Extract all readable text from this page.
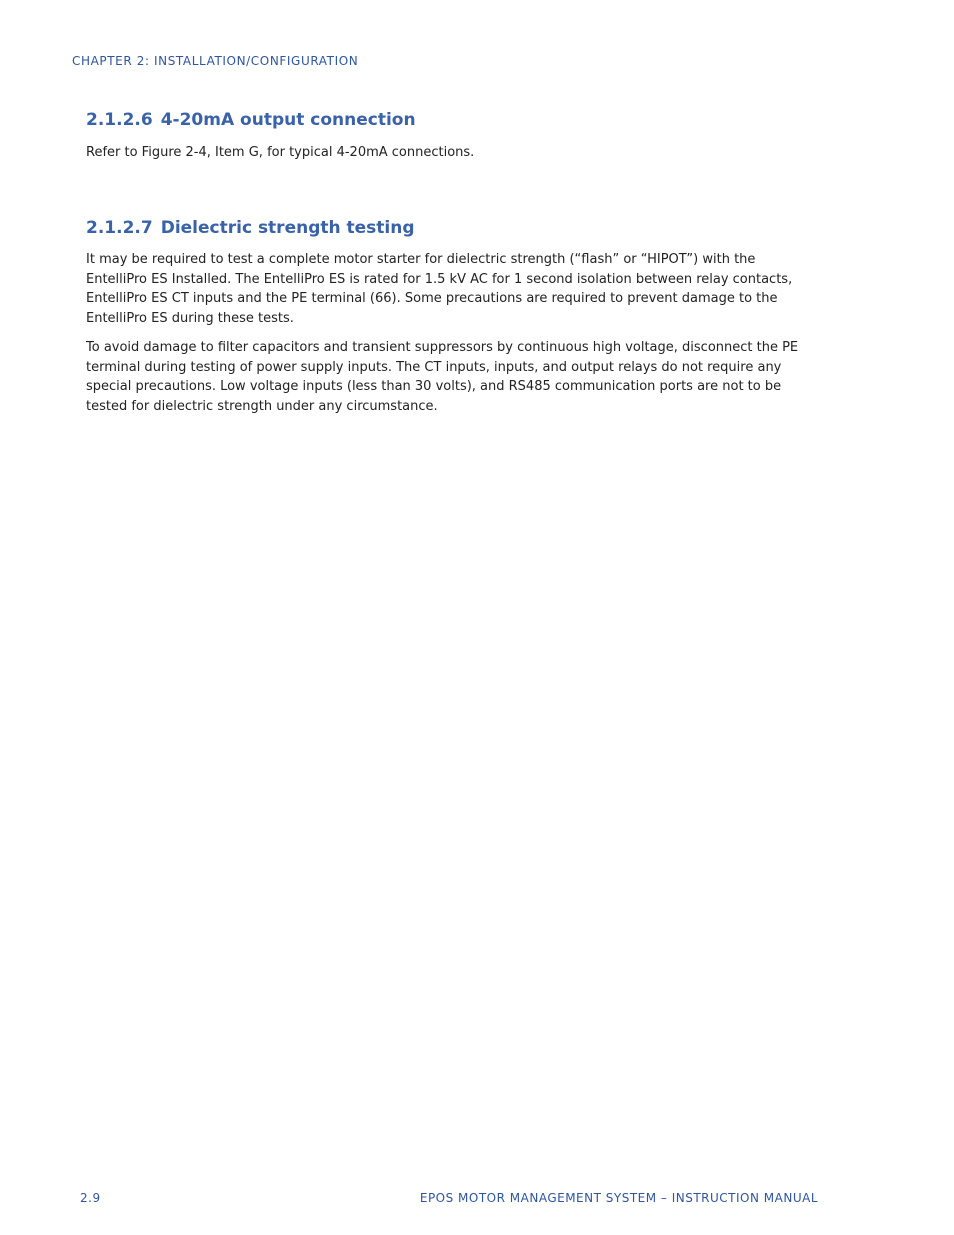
CHAPTER 2: INSTALLATION/CONFIGURATION
2.1.2.6 4-20mA output connection

Refer to Figure 2-4, Item G, for typical 4-20mA connections.

2.1.2.7 Dielectric strength testing

It may be required to test a complete motor starter for dielectric strength (“flash” or “HIPOT”) with the EntelliPro ES Installed. The EntelliPro ES is rated for 1.5 kV AC for 1 second isolation between relay contacts, EntelliPro ES CT inputs and the PE terminal (66). Some precautions are required to prevent damage to the EntelliPro ES during these tests.

To avoid damage to filter capacitors and transient suppressors by continuous high voltage, disconnect the PE terminal during testing of power supply inputs. The CT inputs, inputs, and output relays do not require any special precautions. Low voltage inputs (less than 30 volts), and RS485 communication ports are not to be tested for dielectric strength under any circumstance.

2.9	EPOS MOTOR MANAGEMENT SYSTEM – INSTRUCTION MANUAL
